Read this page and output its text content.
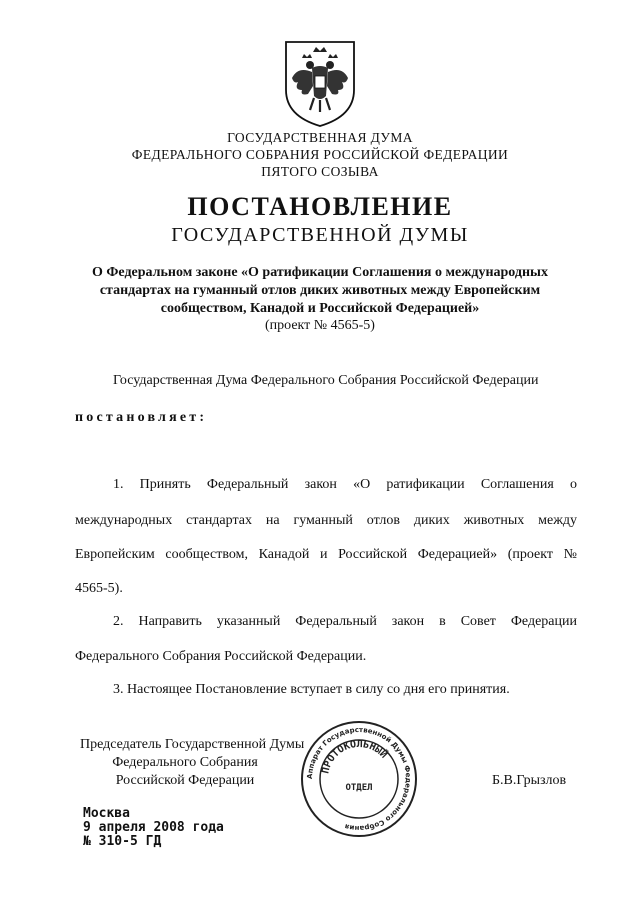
ГОСУДАРСТВЕННАЯ ДУМА
ФЕДЕРАЛЬНОГО СОБРАНИЯ РОССИЙСКОЙ ФЕДЕРАЦИИ
ПЯТОГО СОЗЫВА
ПОСТАНОВЛЕНИЕ
ГОСУДАРСТВЕННОЙ ДУМЫ
О Федеральном законе «О ратификации Соглашения о международных
стандартах на гуманный отлов диких животных между Европейским
сообществом, Канадой и Российской Федерацией»
(проект № 4565-5)
Государственная Дума Федерального Собрания Российской Федерации
постановляет:
1. Принять Федеральный закон «О ратификации Соглашения о
международных стандартах на гуманный отлов диких животных между
Европейским сообществом, Канадой и Российской Федерацией» (проект №
4565-5).
2. Направить указанный Федеральный закон в Совет Федерации
Федерального Собрания Российской Федерации.
3. Настоящее Постановление вступает в силу со дня его принятия.
Председатель Государственной Думы
Федерального Собрания
Российской Федерации	Б.В.Грызлов
Аппарат Государственной Думы Федерального Собрания
ПРОТОКОЛЬНЫЙ
ОТДЕЛ
Москва
9 апреля 2008 года
№ 310-5 ГД
